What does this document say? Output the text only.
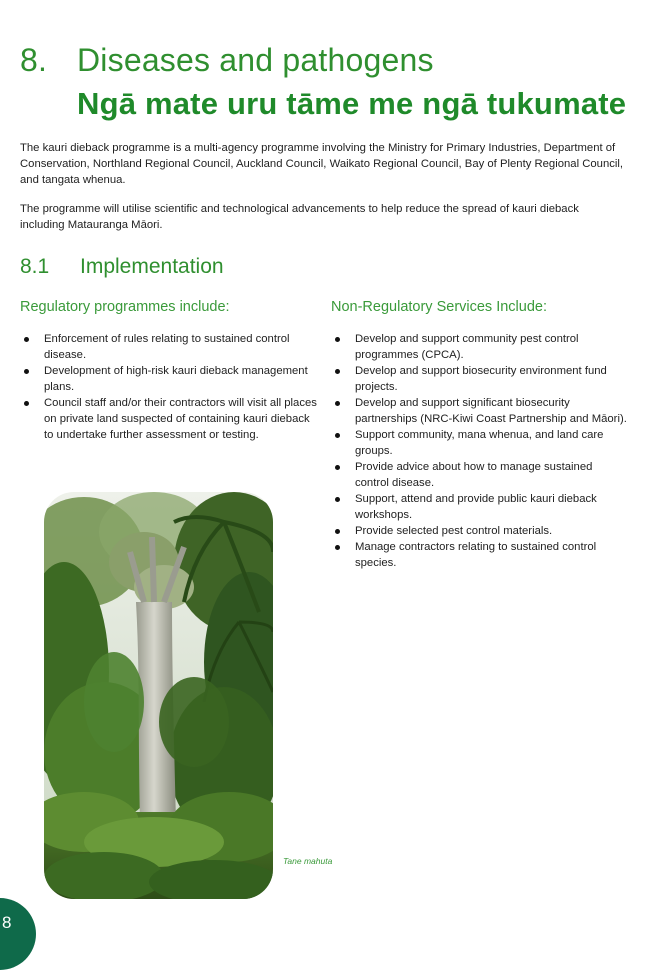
8. Diseases and pathogens
Ngā mate uru tāme me ngā tukumate

The kauri dieback programme is a multi-agency programme involving the Ministry for Primary Industries, Department of Conservation, Northland Regional Council, Auckland Council, Waikato Regional Council, Bay of Plenty Regional Council, and tangata whenua.

The programme will utilise scientific and technological advancements to help reduce the spread of kauri dieback including Matauranga Māori.

8.1 Implementation
Regulatory programmes include:	Non-Regulatory Services Include:
Enforcement of rules relating to sustained control disease.
Development of high-risk kauri dieback management plans.
Council staff and/or their contractors will visit all places on private land suspected of containing kauri dieback to undertake further assessment or testing.
Develop and support community pest control programmes (CPCA).
Develop and support biosecurity environment fund projects.
Develop and support significant biosecurity partnerships (NRC-Kiwi Coast Partnership and Māori).
Support community, mana whenua, and land care groups.
Provide advice about how to manage sustained control disease.
Support, attend and provide public kauri dieback workshops.
Provide selected pest control materials.
Manage contractors relating to sustained control species.
Tane mahuta
8
